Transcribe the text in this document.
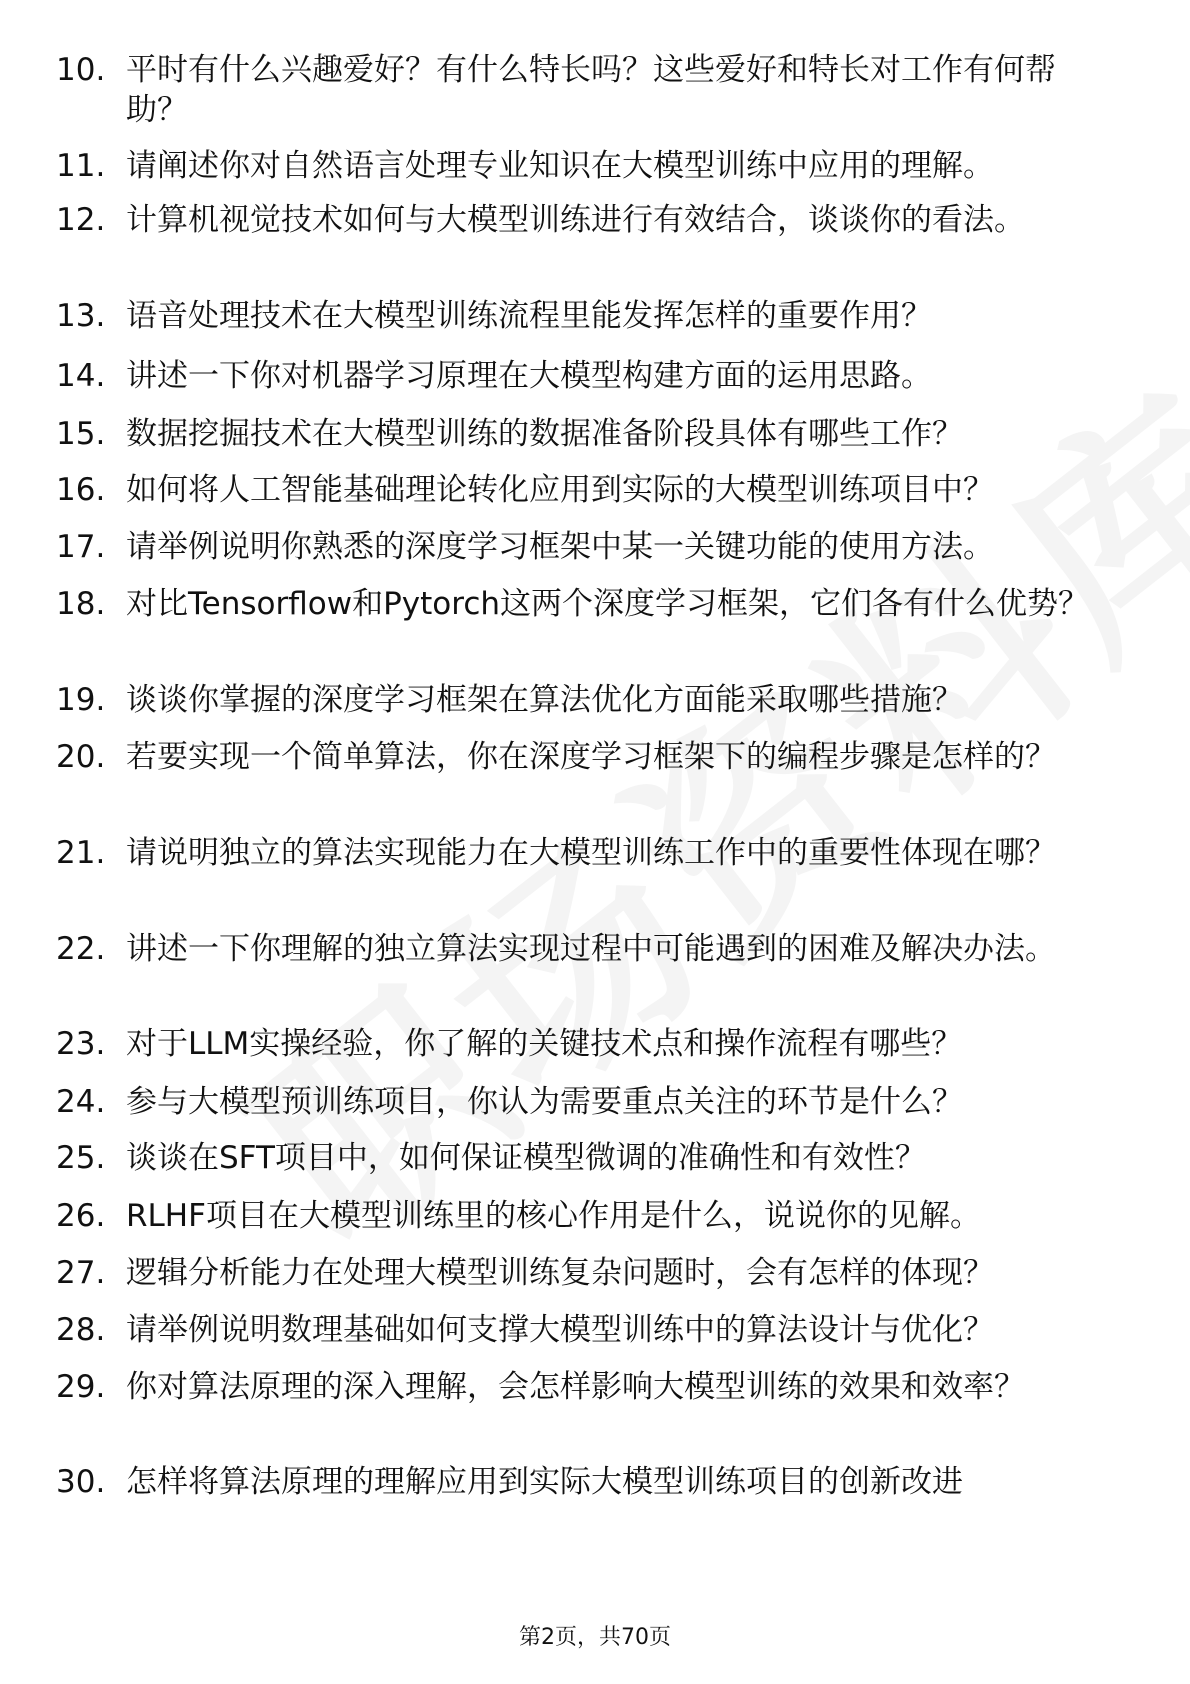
10. 平时有什么兴趣爱好？有什么特长吗？这些爱好和特长对工作有何帮助？
11. 请阐述你对自然语言处理专业知识在大模型训练中应用的理解。
12. 计算机视觉技术如何与大模型训练进行有效结合，谈谈你的看法。
13. 语音处理技术在大模型训练流程里能发挥怎样的重要作用？
14. 讲述一下你对机器学习原理在大模型构建方面的运用思路。
15. 数据挖掘技术在大模型训练的数据准备阶段具体有哪些工作？
16. 如何将人工智能基础理论转化应用到实际的大模型训练项目中？
17. 请举例说明你熟悉的深度学习框架中某一关键功能的使用方法。
18. 对比Tensorflow和Pytorch这两个深度学习框架，它们各有什么优势？
19. 谈谈你掌握的深度学习框架在算法优化方面能采取哪些措施？
20. 若要实现一个简单算法，你在深度学习框架下的编程步骤是怎样的？
21. 请说明独立的算法实现能力在大模型训练工作中的重要性体现在哪？
22. 讲述一下你理解的独立算法实现过程中可能遇到的困难及解决办法。
23. 对于LLM实操经验，你了解的关键技术点和操作流程有哪些？
24. 参与大模型预训练项目，你认为需要重点关注的环节是什么？
25. 谈谈在SFT项目中，如何保证模型微调的准确性和有效性？
26. RLHF项目在大模型训练里的核心作用是什么，说说你的见解。
27. 逻辑分析能力在处理大模型训练复杂问题时，会有怎样的体现？
28. 请举例说明数理基础如何支撑大模型训练中的算法设计与优化？
29. 你对算法原理的深入理解，会怎样影响大模型训练的效果和效率？
30. 怎样将算法原理的理解应用到实际大模型训练项目的创新改进
第2页，共70页
